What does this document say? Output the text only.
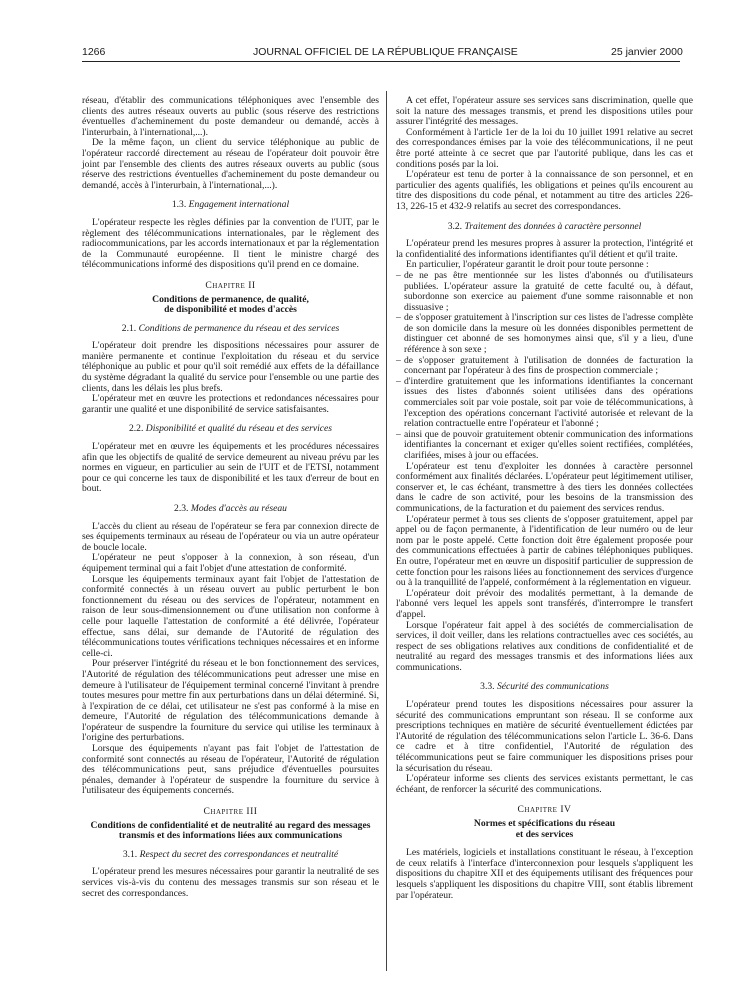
1266	JOURNAL OFFICIEL DE LA RÉPUBLIQUE FRANÇAISE	25 janvier 2000

réseau, d'établir des communications téléphoniques avec l'ensemble des clients des autres réseaux ouverts au public (sous réserve des restrictions éventuelles d'acheminement du poste demandeur ou demandé, accès à l'interurbain, à l'international,...).

De la même façon, un client du service téléphonique au public de l'opérateur raccordé directement au réseau de l'opérateur doit pouvoir être joint par l'ensemble des clients des autres réseaux ouverts au public (sous réserve des restrictions éventuelles d'acheminement du poste demandeur ou demandé, accès à l'interurbain, à l'international,...).

1.3. Engagement international

L'opérateur respecte les règles définies par la convention de l'UIT, par le règlement des télécommunications internationales, par le règlement des radiocommunications, par les accords internationaux et par la réglementation de la Communauté européenne. Il tient le ministre chargé des télécommunications informé des dispositions qu'il prend en ce domaine.

Chapitre II
Conditions de permanence, de qualité,
de disponibilité et modes d'accès
2.1. Conditions de permanence du réseau et des services

L'opérateur doit prendre les dispositions nécessaires pour assurer de manière permanente et continue l'exploitation du réseau et du service téléphonique au public et pour qu'il soit remédié aux effets de la défaillance du système dégradant la qualité du service pour l'ensemble ou une partie des clients, dans les délais les plus brefs.

L'opérateur met en œuvre les protections et redondances nécessaires pour garantir une qualité et une disponibilité de service satisfaisantes.

2.2. Disponibilité et qualité du réseau et des services

L'opérateur met en œuvre les équipements et les procédures nécessaires afin que les objectifs de qualité de service demeurent au niveau prévu par les normes en vigueur, en particulier au sein de l'UIT et de l'ETSI, notamment pour ce qui concerne les taux de disponibilité et les taux d'erreur de bout en bout.

2.3. Modes d'accès au réseau

L'accès du client au réseau de l'opérateur se fera par connexion directe de ses équipements terminaux au réseau de l'opérateur ou via un autre opérateur de boucle locale.

L'opérateur ne peut s'opposer à la connexion, à son réseau, d'un équipement terminal qui a fait l'objet d'une attestation de conformité.

Lorsque les équipements terminaux ayant fait l'objet de l'attestation de conformité connectés à un réseau ouvert au public perturbent le bon fonctionnement du réseau ou des services de l'opérateur, notamment en raison de leur sous-dimensionnement ou d'une utilisation non conforme à celle pour laquelle l'attestation de conformité a été délivrée, l'opérateur effectue, sans délai, sur demande de l'Autorité de régulation des télécommunications toutes vérifications techniques nécessaires et en informe celle-ci.

Pour préserver l'intégrité du réseau et le bon fonctionnement des services, l'Autorité de régulation des télécommunications peut adresser une mise en demeure à l'utilisateur de l'équipement terminal concerné l'invitant à prendre toutes mesures pour mettre fin aux perturbations dans un délai déterminé. Si, à l'expiration de ce délai, cet utilisateur ne s'est pas conformé à la mise en demeure, l'Autorité de régulation des télécommunications demande à l'opérateur de suspendre la fourniture du service qui utilise les terminaux à l'origine des perturbations.

Lorsque des équipements n'ayant pas fait l'objet de l'attestation de conformité sont connectés au réseau de l'opérateur, l'Autorité de régulation des télécommunications peut, sans préjudice d'éventuelles poursuites pénales, demander à l'opérateur de suspendre la fourniture du service à l'utilisateur des équipements concernés.

Chapitre III
Conditions de confidentialité et de neutralité au regard des messages transmis et des informations liées aux communications
3.1. Respect du secret des correspondances et neutralité

L'opérateur prend les mesures nécessaires pour garantir la neutralité de ses services vis-à-vis du contenu des messages transmis sur son réseau et le secret des correspondances.

A cet effet, l'opérateur assure ses services sans discrimination, quelle que soit la nature des messages transmis, et prend les dispositions utiles pour assurer l'intégrité des messages.

Conformément à l'article 1er de la loi du 10 juillet 1991 relative au secret des correspondances émises par la voie des télécommunications, il ne peut être porté atteinte à ce secret que par l'autorité publique, dans les cas et conditions posés par la loi.

L'opérateur est tenu de porter à la connaissance de son personnel, et en particulier des agents qualifiés, les obligations et peines qu'ils encourent au titre des dispositions du code pénal, et notamment au titre des articles 226-13, 226-15 et 432-9 relatifs au secret des correspondances.

3.2. Traitement des données à caractère personnel

L'opérateur prend les mesures propres à assurer la protection, l'intégrité et la confidentialité des informations identifiantes qu'il détient et qu'il traite.

En particulier, l'opérateur garantit le droit pour toute personne :

– de ne pas être mentionnée sur les listes d'abonnés ou d'utilisateurs publiées. L'opérateur assure la gratuité de cette faculté ou, à défaut, subordonne son exercice au paiement d'une somme raisonnable et non dissuasive ;
– de s'opposer gratuitement à l'inscription sur ces listes de l'adresse complète de son domicile dans la mesure où les données disponibles permettent de distinguer cet abonné de ses homonymes ainsi que, s'il y a lieu, d'une référence à son sexe ;
– de s'opposer gratuitement à l'utilisation de données de facturation la concernant par l'opérateur à des fins de prospection commerciale ;
– d'interdire gratuitement que les informations identifiantes la concernant issues des listes d'abonnés soient utilisées dans des opérations commerciales soit par voie postale, soit par voie de télécommunications, à l'exception des opérations concernant l'activité autorisée et relevant de la relation contractuelle entre l'opérateur et l'abonné ;
– ainsi que de pouvoir gratuitement obtenir communication des informations identifiantes la concernant et exiger qu'elles soient rectifiées, complétées, clarifiées, mises à jour ou effacées.

L'opérateur est tenu d'exploiter les données à caractère personnel conformément aux finalités déclarées. L'opérateur peut légitimement utiliser, conserver et, le cas échéant, transmettre à des tiers les données collectées dans le cadre de son activité, pour les besoins de la transmission des communications, de la facturation et du paiement des services rendus.

L'opérateur permet à tous ses clients de s'opposer gratuitement, appel par appel ou de façon permanente, à l'identification de leur numéro ou de leur nom par le poste appelé. Cette fonction doit être également proposée pour des communications effectuées à partir de cabines téléphoniques publiques. En outre, l'opérateur met en œuvre un dispositif particulier de suppression de cette fonction pour les raisons liées au fonctionnement des services d'urgence ou à la tranquillité de l'appelé, conformément à la réglementation en vigueur.

L'opérateur doit prévoir des modalités permettant, à la demande de l'abonné vers lequel les appels sont transférés, d'interrompre le transfert d'appel.

Lorsque l'opérateur fait appel à des sociétés de commercialisation de services, il doit veiller, dans les relations contractuelles avec ces sociétés, au respect de ses obligations relatives aux conditions de confidentialité et de neutralité au regard des messages transmis et des informations liées aux communications.

3.3. Sécurité des communications

L'opérateur prend toutes les dispositions nécessaires pour assurer la sécurité des communications empruntant son réseau. Il se conforme aux prescriptions techniques en matière de sécurité éventuellement édictées par l'Autorité de régulation des télécommunications selon l'article L. 36-6. Dans ce cadre et à titre confidentiel, l'Autorité de régulation des télécommunications peut se faire communiquer les dispositions prises pour la sécurisation du réseau.

L'opérateur informe ses clients des services existants permettant, le cas échéant, de renforcer la sécurité des communications.

Chapitre IV
Normes et spécifications du réseau
et des services

Les matériels, logiciels et installations constituant le réseau, à l'exception de ceux relatifs à l'interface d'interconnexion pour lesquels s'appliquent les dispositions du chapitre XII et des équipements utilisant des fréquences pour lesquels s'appliquent les dispositions du chapitre VIII, sont établis librement par l'opérateur.
